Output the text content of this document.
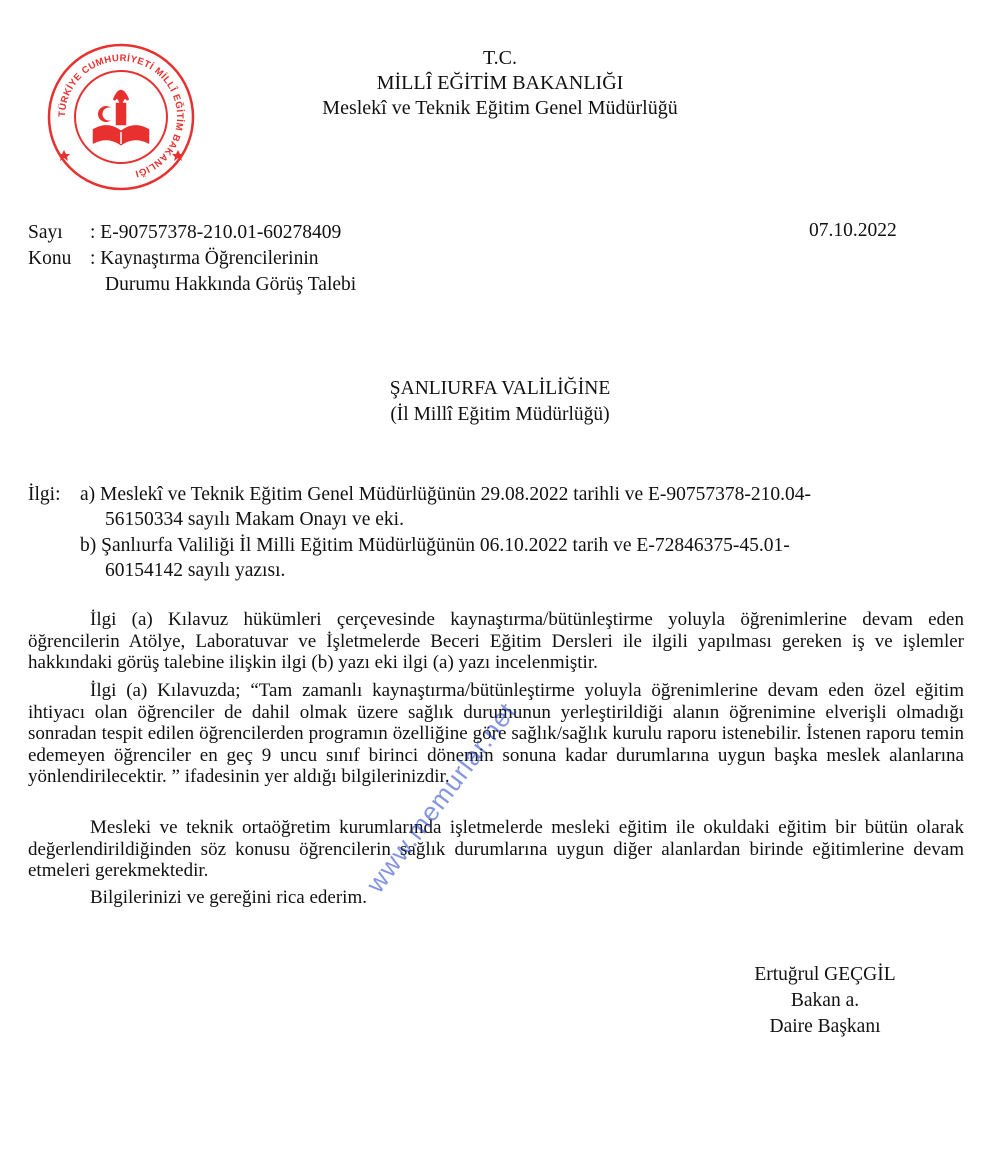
TÜRKİYE CUMHURİYETİ MİLLÎ EĞİTİM BAKANLIĞI
T.C.
MİLLÎ EĞİTİM BAKANLIĞI
Meslekî ve Teknik Eğitim Genel Müdürlüğü
Sayı : E-90757378-210.01-60278409
Konu : Kaynaştırma Öğrencilerinin
Durumu Hakkında Görüş Talebi
07.10.2022
ŞANLIURFA VALİLİĞİNE
(İl Millî Eğitim Müdürlüğü)
İlgi: a) Meslekî ve Teknik Eğitim Genel Müdürlüğünün 29.08.2022 tarihli ve E-90757378-210.04-
56150334 sayılı Makam Onayı ve eki.
b) Şanlıurfa Valiliği İl Milli Eğitim Müdürlüğünün 06.10.2022 tarih ve E-72846375-45.01-
60154142 sayılı yazısı.
İlgi (a) Kılavuz hükümleri çerçevesinde kaynaştırma/bütünleştirme yoluyla öğrenimlerine devam eden öğrencilerin Atölye, Laboratuvar ve İşletmelerde Beceri Eğitim Dersleri ile ilgili yapılması gereken iş ve işlemler hakkındaki görüş talebine ilişkin ilgi (b) yazı eki ilgi (a) yazı incelenmiştir.
İlgi (a) Kılavuzda; “Tam zamanlı kaynaştırma/bütünleştirme yoluyla öğrenimlerine devam eden özel eğitim ihtiyacı olan öğrenciler de dahil olmak üzere sağlık durumunun yerleştirildiği alanın öğrenimine elverişli olmadığı sonradan tespit edilen öğrencilerden programın özelliğine göre sağlık/sağlık kurulu raporu istenebilir. İstenen raporu temin edemeyen öğrenciler en geç 9 uncu sınıf birinci dönemin sonuna kadar durumlarına uygun başka meslek alanlarına yönlendirilecektir. ” ifadesinin yer aldığı bilgilerinizdir.
Mesleki ve teknik ortaöğretim kurumlarında işletmelerde mesleki eğitim ile okuldaki eğitim bir bütün olarak değerlendirildiğinden söz konusu öğrencilerin sağlık durumlarına uygun diğer alanlardan birinde eğitimlerine devam etmeleri gerekmektedir.
Bilgilerinizi ve gereğini rica ederim.
Ertuğrul GEÇGİL
Bakan a.
Daire Başkanı
www.memurlar.net
